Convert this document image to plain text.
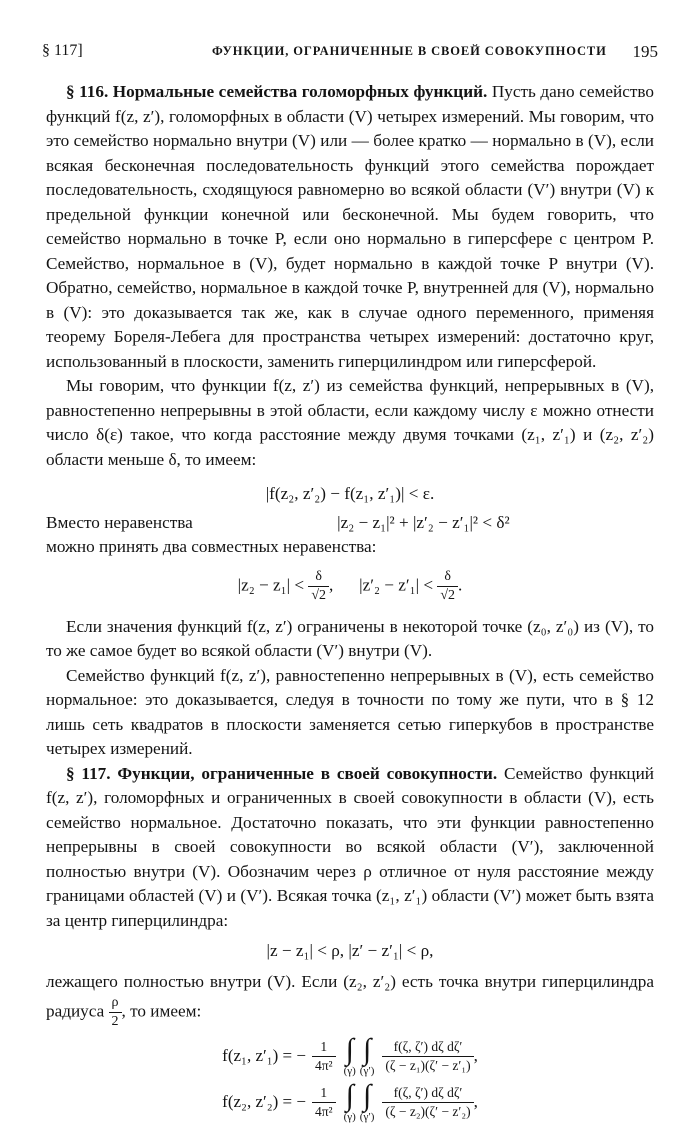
§ 117]	ФУНКЦИИ, ОГРАНИЧЕННЫЕ В СВОЕЙ СОВОКУПНОСТИ 195

§ 116. Нормальные семейства голоморфных функций. Пусть дано семейство функций f(z, z′), голоморфных в области (V) четырех измерений. Мы говорим, что это семейство нормально внутри (V) или — более кратко — нормально в (V), если всякая бесконечная последовательность функций этого семейства порождает последовательность, сходящуюся равномерно во всякой области (V′) внутри (V) к предельной функции конечной или бесконечной. Мы будем говорить, что семейство нормально в точке P, если оно нормально в гиперсфере с центром P. Семейство, нормальное в (V), будет нормально в каждой точке P внутри (V). Обратно, семейство, нормальное в каждой точке P, внутренней для (V), нормально в (V): это доказывается так же, как в случае одного переменного, применяя теорему Бореля-Лебега для пространства четырех измерений: достаточно круг, использованный в плоскости, заменить гиперцилиндром или гиперсферой.

Мы говорим, что функции f(z, z′) из семейства функций, непрерывных в (V), равностепенно непрерывны в этой области, если каждому числу ε можно отнести число δ(ε) такое, что когда расстояние между двумя точками (z₁, z′₁) и (z₂, z′₂) области меньше δ, то имеем:

|f(z₂, z′₂) − f(z₁, z′₁)| < ε.
Вместо неравенства	|z₂ − z₁|² + |z′₂ − z′₁|² < δ²

можно принять два совместных неравенства:

$|z_2 - z_1| < \frac{\delta}{√2}$ ,      $|z'_2 - z'_1| < \frac{\delta}{√2}$ .

Если значения функций f(z, z′) ограничены в некоторой точке (z₀, z′₀) из (V), то то же самое будет во всякой области (V′) внутри (V).

Семейство функций f(z, z′), равностепенно непрерывных в (V), есть семейство нормальное: это доказывается, следуя в точности по тому же пути, что в § 12 лишь сеть квадратов в плоскости заменяется сетью гиперкубов в пространстве четырех измерений.

§ 117. Функции, ограниченные в своей совокупности. Семейство функций f(z, z′), голоморфных и ограниченных в своей совокупности в области (V), есть семейство нормальное. Достаточно показать, что эти функции равностепенно непрерывны в своей совокупности во всякой области (V′), заключенной полностью внутри (V). Обозначим через ρ отличное от нуля расстояние между границами областей (V) и (V′). Всякая точка (z₁, z′₁) области (V′) может быть взята за центр гиперцилиндра:

|z − z₁| < ρ, |z′ − z′₁| < ρ,

лежащего полностью внутри (V). Если (z₂, z′₂) есть точка внутри гиперцилиндра радиуса $\frac{\rho}{2}$ , то имеем:

f(z₁, z′₁) = − $\frac{1}{\text{4π²}}$ ∫
(γ)
∫
$(\gamma') \frac{\text{f(ζ, ζ′) dζ dζ′}}{\text{(ζ − z₁)(ζ′ − z′₁)}}$ ,
f(z₂, z′₂) = − $\frac{1}{\text{4π²}}$ ∫
(γ)
∫
$(\gamma') \frac{\text{f(ζ, ζ′) dζ dζ′}}{\text{(ζ − z₂)(ζ′ − z′₂)}}$ ,
